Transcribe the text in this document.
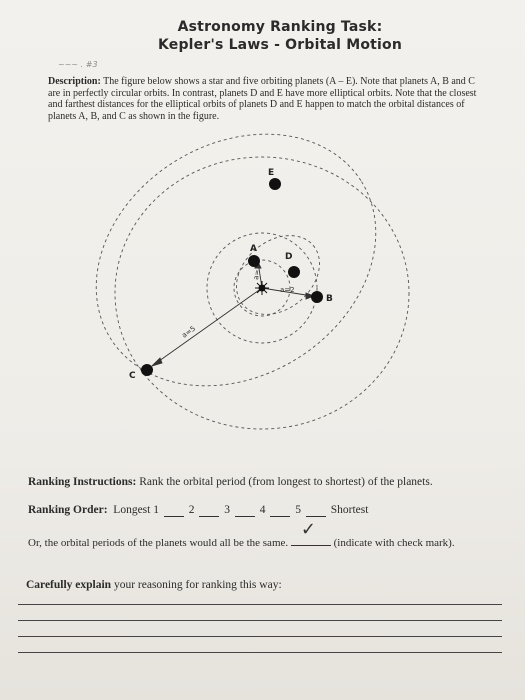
Astronomy Ranking Task:
Kepler's Laws - Orbital Motion
~~~ . #3
Description: The figure below shows a star and five orbiting planets (A – E). Note that planets A, B and C are in perfectly circular orbits. In contrast, planets D and E have more elliptical orbits. Note that the closest and farthest distances for the elliptical orbits of planets D and E happen to match the orbital distances of planets A, B, and C as shown in the figure.
A
B
C
D
E
a=1
a=2
a=5
Ranking Instructions: Rank the orbital period (from longest to shortest) of the planets.
Ranking Order: Longest 1	2	3	4	5	Shortest
Or, the orbital periods of the planets would all be the same.
✓
(indicate with check mark).
Carefully explain your reasoning for ranking this way:
